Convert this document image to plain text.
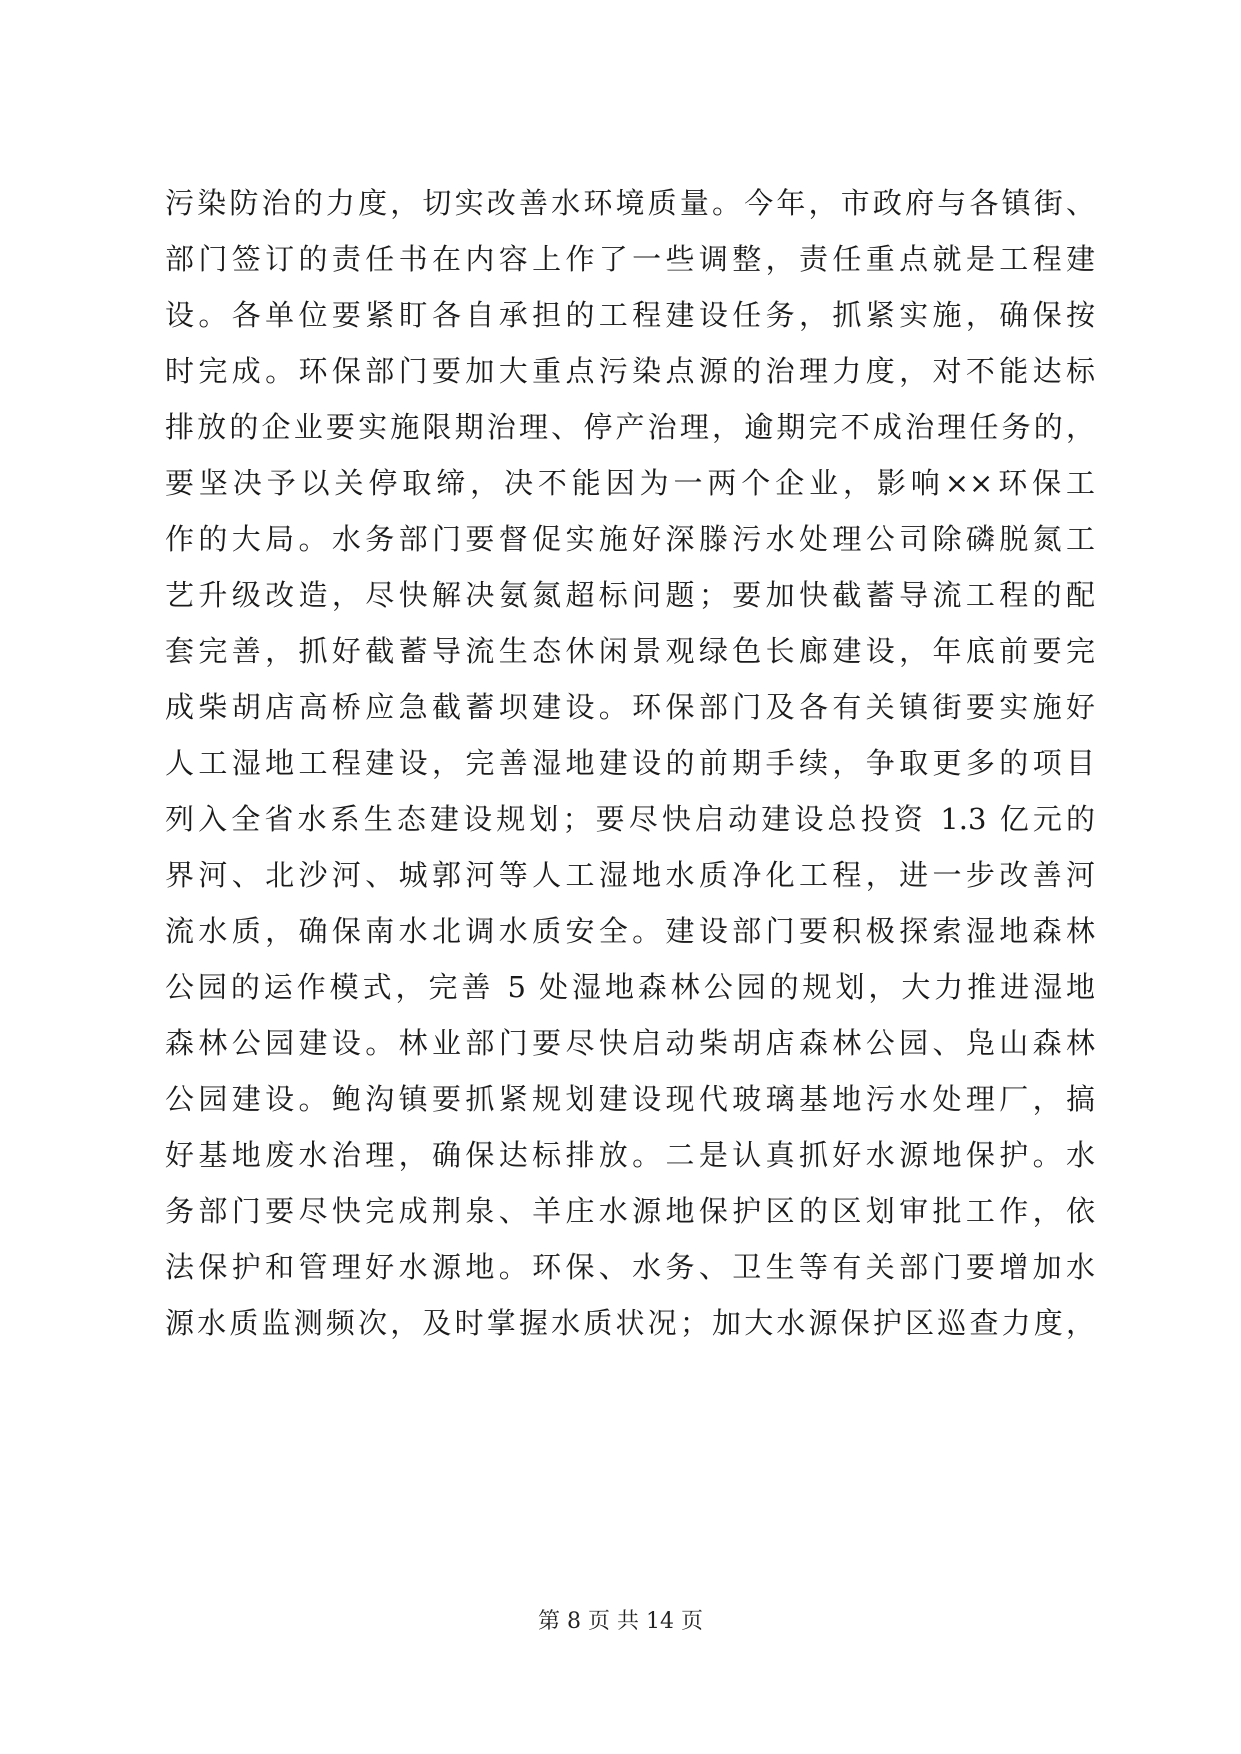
污染防治的力度，切实改善水环境质量。今年，市政府与各镇街、
部门签订的责任书在内容上作了一些调整，责任重点就是工程建
设。各单位要紧盯各自承担的工程建设任务，抓紧实施，确保按
时完成。环保部门要加大重点污染点源的治理力度，对不能达标
排放的企业要实施限期治理、停产治理，逾期完不成治理任务的，
要坚决予以关停取缔，决不能因为一两个企业，影响××环保工
作的大局。水务部门要督促实施好深滕污水处理公司除磷脱氮工
艺升级改造，尽快解决氨氮超标问题；要加快截蓄导流工程的配
套完善，抓好截蓄导流生态休闲景观绿色长廊建设，年底前要完
成柴胡店高桥应急截蓄坝建设。环保部门及各有关镇街要实施好
人工湿地工程建设，完善湿地建设的前期手续，争取更多的项目
列入全省水系生态建设规划；要尽快启动建设总投资 1.3 亿元的
界河、北沙河、城郭河等人工湿地水质净化工程，进一步改善河
流水质，确保南水北调水质安全。建设部门要积极探索湿地森林
公园的运作模式，完善 5 处湿地森林公园的规划，大力推进湿地
森林公园建设。林业部门要尽快启动柴胡店森林公园、凫山森林
公园建设。鲍沟镇要抓紧规划建设现代玻璃基地污水处理厂，搞
好基地废水治理，确保达标排放。二是认真抓好水源地保护。水
务部门要尽快完成荆泉、羊庄水源地保护区的区划审批工作，依
法保护和管理好水源地。环保、水务、卫生等有关部门要增加水
源水质监测频次，及时掌握水质状况；加大水源保护区巡查力度，
第 8 页 共 14 页
